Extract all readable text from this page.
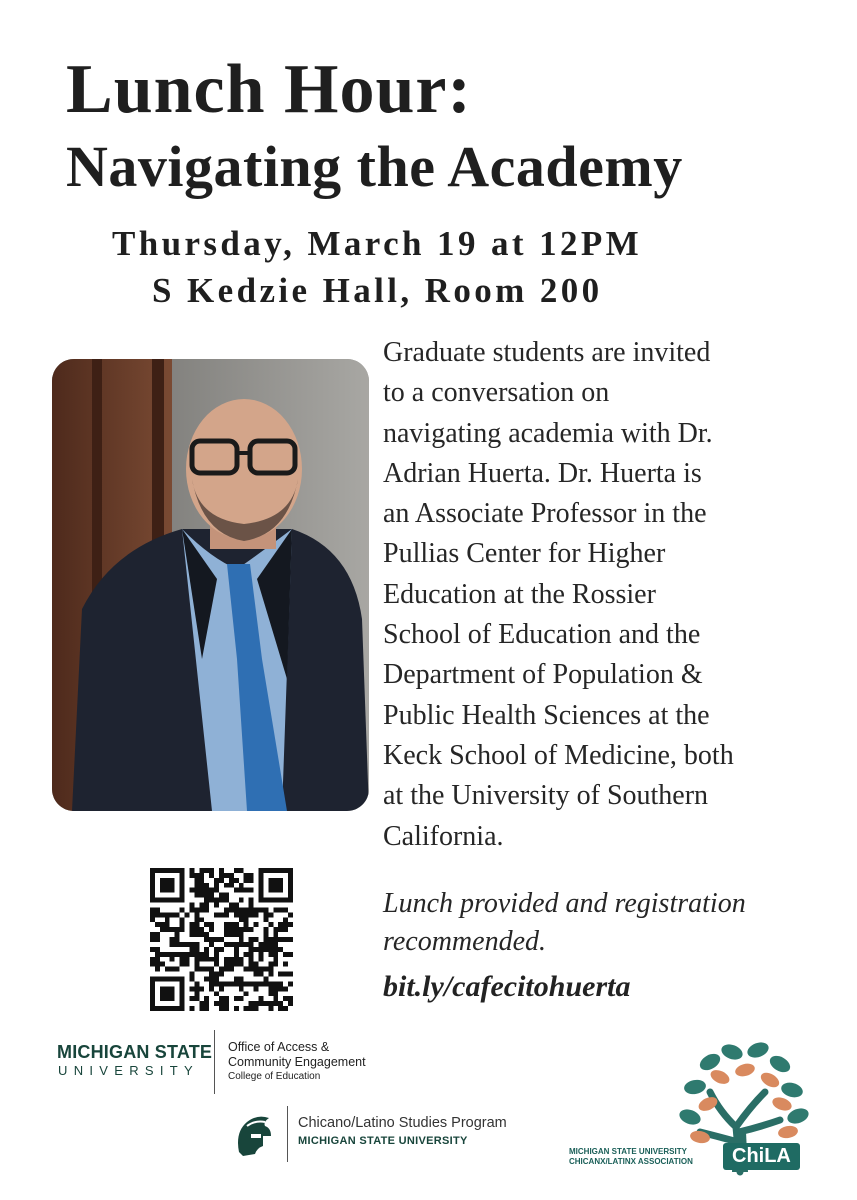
Lunch Hour:
Navigating the Academy
Thursday, March 19 at 12PM
S Kedzie Hall, Room 200
Graduate students are invited
to a conversation on
navigating academia with Dr.
Adrian Huerta. Dr. Huerta is
an Associate Professor in the
Pullias Center for Higher
Education at the Rossier
School of Education and the
Department of Population &
Public Health Sciences at the
Keck School of Medicine, both
at the University of Southern
California.
Lunch provided and registration
recommended.
bit.ly/cafecitohuerta
MICHIGAN STATE
UNIVERSITY
Office of Access &
Community Engagement
College of Education
Chicano/Latino Studies Program
MICHIGAN STATE UNIVERSITY
MICHIGAN STATE UNIVERSITY
CHICANX/LATINX ASSOCIATION	ChiLA
